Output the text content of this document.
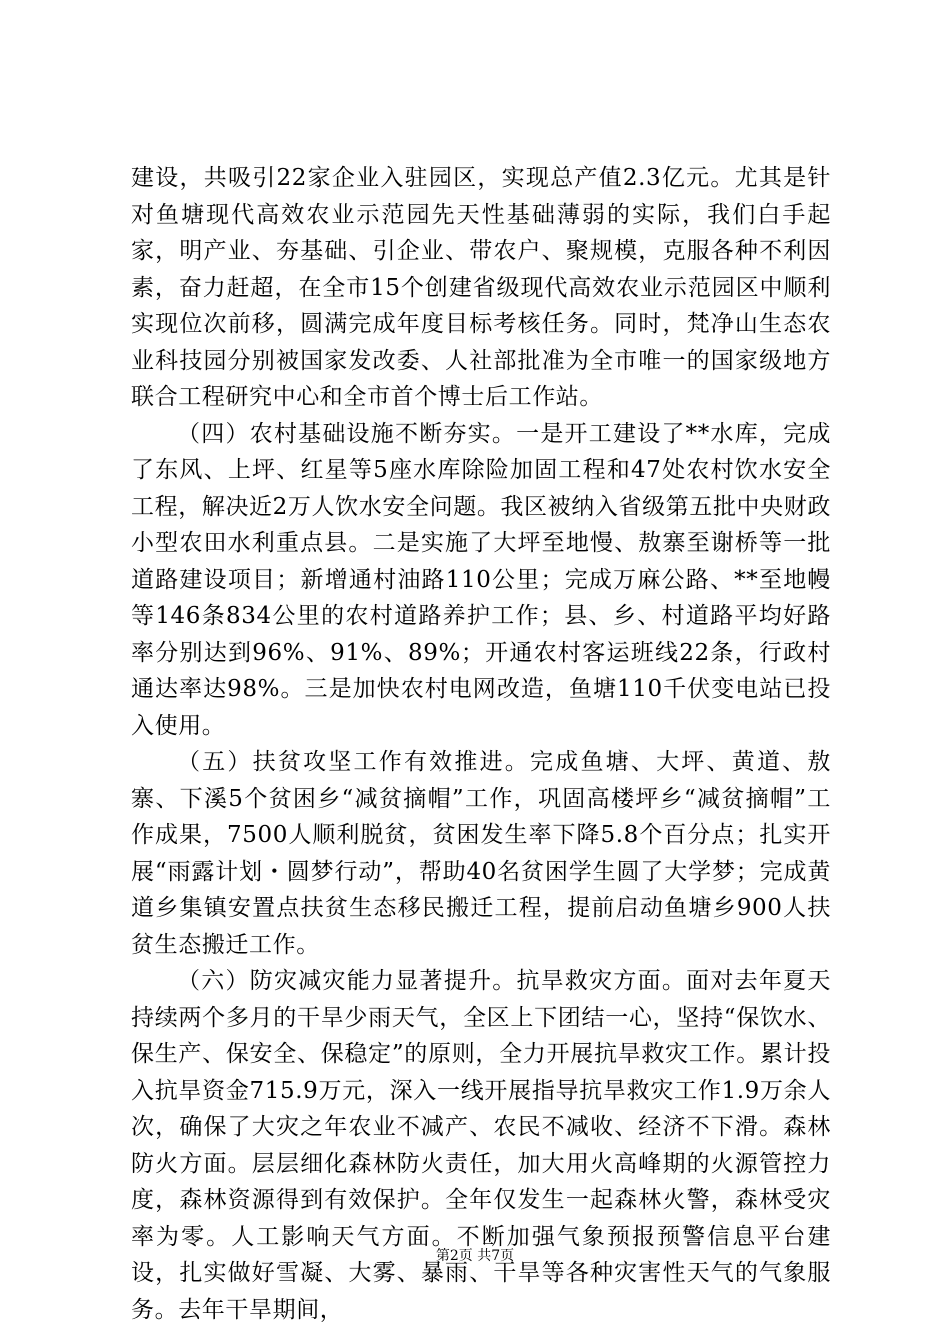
建设，共吸引22家企业入驻园区，实现总产值2.3亿元。尤其是针对鱼塘现代高效农业示范园先天性基础薄弱的实际，我们白手起家，明产业、夯基础、引企业、带农户、聚规模，克服各种不利因素，奋力赶超，在全市15个创建省级现代高效农业示范园区中顺利实现位次前移，圆满完成年度目标考核任务。同时，梵净山生态农业科技园分别被国家发改委、人社部批准为全市唯一的国家级地方联合工程研究中心和全市首个博士后工作站。

（四）农村基础设施不断夯实。一是开工建设了**水库，完成了东风、上坪、红星等5座水库除险加固工程和47处农村饮水安全工程，解决近2万人饮水安全问题。我区被纳入省级第五批中央财政小型农田水利重点县。二是实施了大坪至地慢、敖寨至谢桥等一批道路建设项目；新增通村油路110公里；完成万麻公路、**至地幔等146条834公里的农村道路养护工作；县、乡、村道路平均好路率分别达到96%、91%、89%；开通农村客运班线22条，行政村通达率达98%。三是加快农村电网改造，鱼塘110千伏变电站已投入使用。

（五）扶贫攻坚工作有效推进。完成鱼塘、大坪、黄道、敖寨、下溪5个贫困乡“减贫摘帽”工作，巩固高楼坪乡“减贫摘帽”工作成果，7500人顺利脱贫，贫困发生率下降5.8个百分点；扎实开展“雨露计划・圆梦行动”，帮助40名贫困学生圆了大学梦；完成黄道乡集镇安置点扶贫生态移民搬迁工程，提前启动鱼塘乡900人扶贫生态搬迁工作。

（六）防灾减灾能力显著提升。抗旱救灾方面。面对去年夏天持续两个多月的干旱少雨天气，全区上下团结一心，坚持“保饮水、保生产、保安全、保稳定”的原则，全力开展抗旱救灾工作。累计投入抗旱资金715.9万元，深入一线开展指导抗旱救灾工作1.9万余人次，确保了大灾之年农业不减产、农民不减收、经济不下滑。森林防火方面。层层细化森林防火责任，加大用火高峰期的火源管控力度，森林资源得到有效保护。全年仅发生一起森林火警，森林受灾率为零。人工影响天气方面。不断加强气象预报预警信息平台建设，扎实做好雪凝、大雾、暴雨、干旱等各种灾害性天气的气象服务。去年干旱期间，

第2页 共7页
